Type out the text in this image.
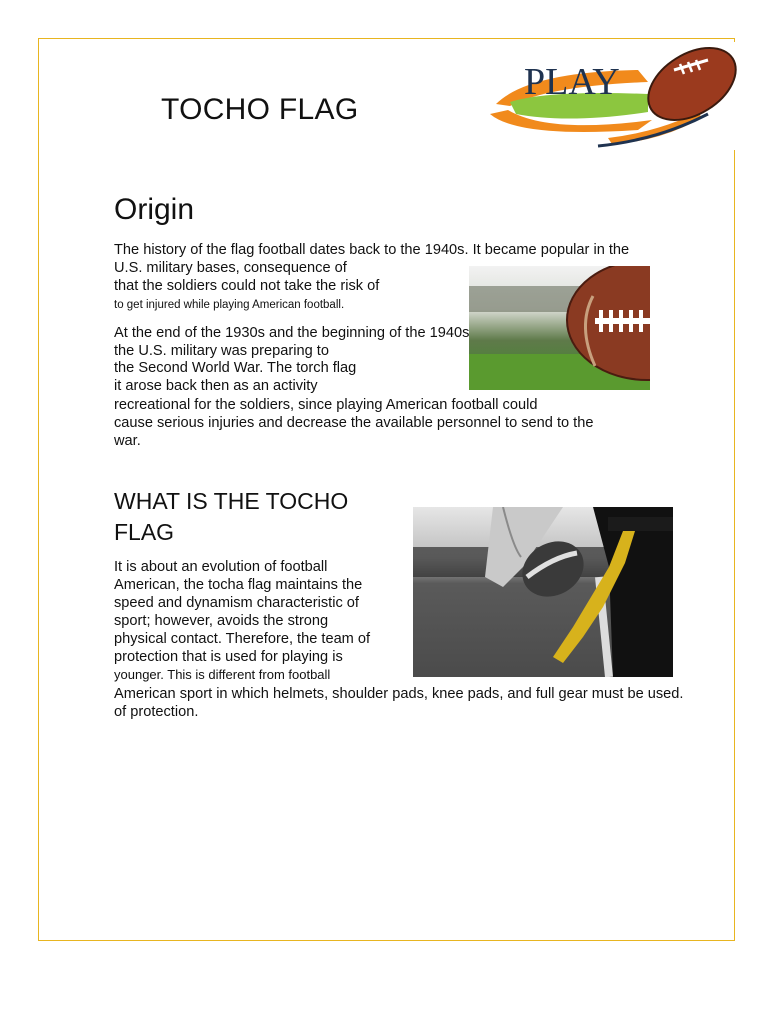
PLAY
TOCHO FLAG
Origin
The history of the flag football dates back to the 1940s. It became popular in the
U.S. military bases, consequence of
that the soldiers could not take the risk of
to get injured while playing American football.
At the end of the 1930s and the beginning of the 1940s
the U.S. military was preparing to
the Second World War. The torch flag
it arose back then as an activity
recreational for the soldiers, since playing American football could
cause serious injuries and decrease the available personnel to send to the
war.
WHAT IS THE TOCHO
FLAG
It is about an evolution of football
American, the tocha flag maintains the
speed and dynamism characteristic of
sport; however, avoids the strong
physical contact. Therefore, the team of
protection that is used for playing is
younger. This is different from football
American sport in which helmets, shoulder pads, knee pads, and full gear must be used.
of protection.
